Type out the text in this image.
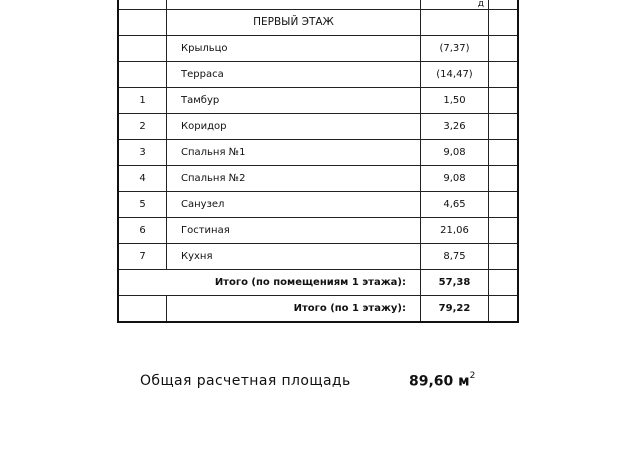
		д	
	ПЕРВЫЙ ЭТАЖ		
	Крыльцо	(7,37)	
	Терраса	(14,47)	
1	Тамбур	1,50	
2	Коридор	3,26	
3	Спальня №1	9,08	
4	Спальня №2	9,08	
5	Санузел	4,65	
6	Гостиная	21,06	
7	Кухня	8,75	
Итого (по помещениям 1 этажа):		57,38	
	Итого (по 1 этажу):	79,22	
Общая расчетная площадь	89,60 $м^2$
